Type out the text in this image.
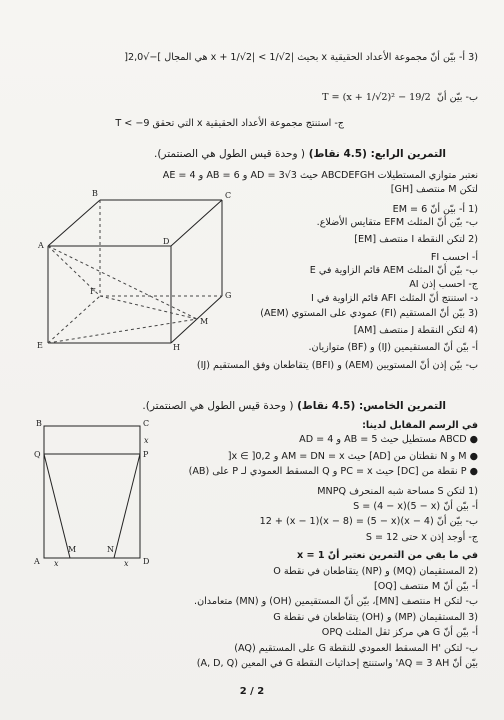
(3 أ- بيّن أنّ مجموعة الأعداد الحقيقية x بحيث |x + 1/√2| < 1/√2 هي المجال ]−√2,0[
ب- بيّن أنّ  T = (x + 1/√2)² − 19/2
ج- استنتج مجموعة الأعداد الحقيقية x التي تحقق T < −9
التمرين الرابع: (4.5 نقاط) ( وحدة قيس الطول هي الصنتمتر).
نعتبر متوازي المستطيلات ABCDEFGH حيث AD = 3√3 و AB = 6 و AE = 4
لتكن M منتصف [GH]
(1 أ- بيّن أنّ EM = 6
ب- بيّن أنّ المثلث EFM متقايس الأضلاع.
(2 لتكن النقطة I منتصف [EM]
أ- احسب FI
ب- بيّن أنّ المثلث AEM قائم الزاوية في E
ج- احسب إذن AI
د- استنتج أنّ المثلث AFI قائم الزاوية في I
(3 بيّن أنّ المستقيم (FI) عمودي على المستوي (AEM)
(4 لتكن النقطة J منتصف [AM]
أ- بيّن أنّ المستقيمين (IJ) و (BF) متوازيان.
ب- بيّن إذن أنّ المستويين (AEM) و (BFI) يتقاطعان وفق المستقيم (IJ)
A
B	C
D
E
F	G
H
M
التمرين الخامس: (4.5 نقاط) ( وحدة قيس الطول هي الصنتمتر).
في الرسم المقابل لدينا:
● ABCD مستطيل حيث AB = 5 و AD = 4
● M و N نقطتان من [AD] حيث AM = DN = x و x ∈ ]0,2[
● P نقطة من [DC] حيث PC = x و Q المسقط العمودي لـ P على (AB)
(1 لتكن S مساحة شبه المنحرف MNPQ
أ- بيّن أنّ S = (4 − x)(5 − x)
ب- بيّن أنّ (4 − x)(5 − x) = 12 + (x − 1)(x − 8)
ج- أوجد إذن x حتى S = 12
في ما بقي من التمرين نعتبر أنّ x = 1
(2 المستقيمان (MQ) و (NP) يتقاطعان في نقطة O
أ- بيّن أنّ M منتصف [OQ]
ب- لتكن H منتصف [MN]، بيّن أنّ المستقيمين (OH) و (MN) متعامدان.
(3 المستقيمان (MP) و (OH) يتقاطعان في نقطة G
أ- بيّن أنّ G هي مركز ثقل المثلث OPQ
ب- لتكن 'H المسقط العمودي للنقطة G على المستقيم (AQ)
بيّن أنّ AQ = 3 AH' واستنتج إحداثيات النقطة G في المعين (A, D, Q)
B	C
Q	P
A	D
M	N
x	x
x
2 / 2
